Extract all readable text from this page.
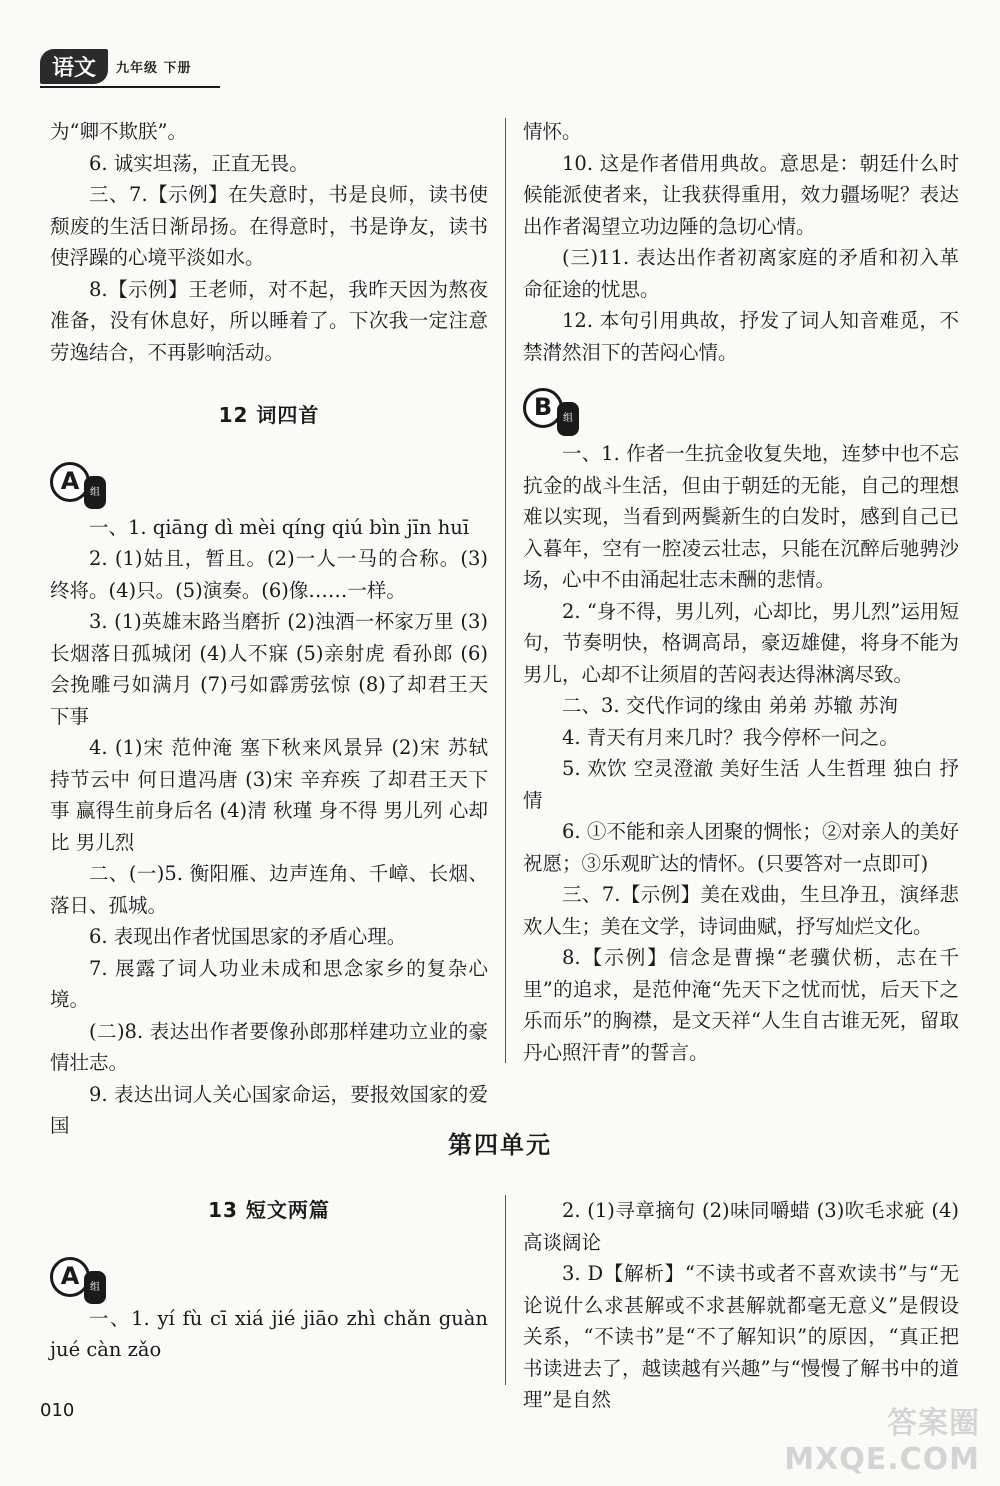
语文	九年级 下册

为“卿不欺朕”。

6. 诚实坦荡，正直无畏。

三、7.【示例】在失意时，书是良师，读书使颓废的生活日渐昂扬。在得意时，书是诤友，读书使浮躁的心境平淡如水。

8.【示例】王老师，对不起，我昨天因为熬夜准备，没有休息好，所以睡着了。下次我一定注意劳逸结合，不再影响活动。

12 词四首
A	组

一、1. qiāng dì mèi qíng qiú bìn jīn huī

2. (1)姑且，暂且。(2)一人一马的合称。(3)终将。(4)只。(5)演奏。(6)像……一样。

3. (1)英雄末路当磨折 (2)浊酒一杯家万里 (3)长烟落日孤城闭 (4)人不寐 (5)亲射虎 看孙郎 (6)会挽雕弓如满月 (7)弓如霹雳弦惊 (8)了却君王天下事

4. (1)宋 范仲淹 塞下秋来风景异 (2)宋 苏轼 持节云中 何日遣冯唐 (3)宋 辛弃疾 了却君王天下事 赢得生前身后名 (4)清 秋瑾 身不得 男儿列 心却比 男儿烈

二、(一)5. 衡阳雁、边声连角、千嶂、长烟、落日、孤城。

6. 表现出作者忧国思家的矛盾心理。

7. 展露了词人功业未成和思念家乡的复杂心境。

(二)8. 表达出作者要像孙郎那样建功立业的豪情壮志。

9. 表达出词人关心国家命运，要报效国家的爱国

情怀。

10. 这是作者借用典故。意思是：朝廷什么时候能派使者来，让我获得重用，效力疆场呢？表达出作者渴望立功边陲的急切心情。

(三)11. 表达出作者初离家庭的矛盾和初入革命征途的忧思。

12. 本句引用典故，抒发了词人知音难觅，不禁潸然泪下的苦闷心情。

B	组

一、1. 作者一生抗金收复失地，连梦中也不忘抗金的战斗生活，但由于朝廷的无能，自己的理想难以实现，当看到两鬓新生的白发时，感到自己已入暮年，空有一腔凌云壮志，只能在沉醉后驰骋沙场，心中不由涌起壮志未酬的悲情。

2. “身不得，男儿列，心却比，男儿烈”运用短句，节奏明快，格调高昂，豪迈雄健，将身不能为男儿，心却不让须眉的苦闷表达得淋漓尽致。

二、3. 交代作词的缘由 弟弟 苏辙 苏洵

4. 青天有月来几时？我今停杯一问之。

5. 欢饮 空灵澄澈 美好生活 人生哲理 独白 抒情

6. ①不能和亲人团聚的惆怅；②对亲人的美好祝愿；③乐观旷达的情怀。(只要答对一点即可)

三、7.【示例】美在戏曲，生旦净丑，演绎悲欢人生；美在文学，诗词曲赋，抒写灿烂文化。

8.【示例】信念是曹操“老骥伏枥，志在千里”的追求，是范仲淹“先天下之忧而忧，后天下之乐而乐”的胸襟，是文天祥“人生自古谁无死，留取丹心照汗青”的誓言。

第四单元
13 短文两篇
A	组

一、1. yí fù cī xiá jié jiāo zhì chǎn guàn jué càn zǎo

2. (1)寻章摘句 (2)味同嚼蜡 (3)吹毛求疵 (4)高谈阔论

3. D【解析】“不读书或者不喜欢读书”与“无论说什么求甚解或不求甚解就都毫无意义”是假设关系，“不读书”是“不了解知识”的原因，“真正把书读进去了，越读越有兴趣”与“慢慢了解书中的道理”是自然

010	答案圈
MXQE.COM
